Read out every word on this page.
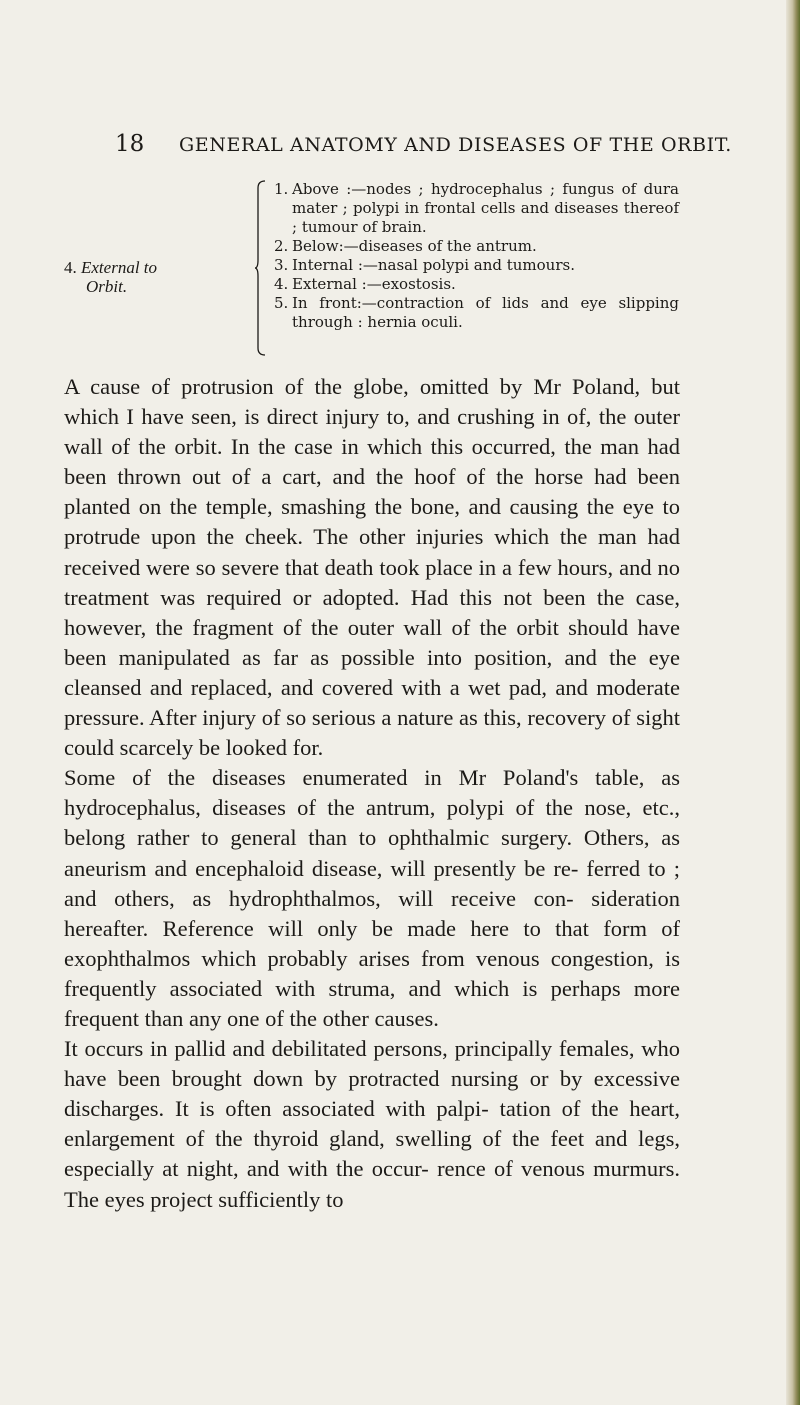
18 GENERAL ANATOMY AND DISEASES OF THE ORBIT.
4. External to
Orbit.
1. Above :—nodes ; hydrocephalus ; fungus of dura mater ; polypi in frontal cells and diseases thereof ; tumour of brain.
2. Below:—diseases of the antrum.
3. Internal :—nasal polypi and tumours.
4. External :—exostosis.
5. In front:—contraction of lids and eye slipping through : hernia oculi.

A cause of protrusion of the globe, omitted by Mr Poland, but which I have seen, is direct injury to, and crushing in of, the outer wall of the orbit. In the case in which this occurred, the man had been thrown out of a cart, and the hoof of the horse had been planted on the temple, smashing the bone, and causing the eye to protrude upon the cheek. The other injuries which the man had received were so severe that death took place in a few hours, and no treatment was required or adopted. Had this not been the case, however, the fragment of the outer wall of the orbit should have been manipulated as far as possible into position, and the eye cleansed and replaced, and covered with a wet pad, and moderate pressure. After injury of so serious a nature as this, recovery of sight could scarcely be looked for.

Some of the diseases enumerated in Mr Poland's table, as hydrocephalus, diseases of the antrum, polypi of the nose, etc., belong rather to general than to ophthalmic surgery. Others, as aneurism and encephaloid disease, will presently be re- ferred to ; and others, as hydrophthalmos, will receive con- sideration hereafter. Reference will only be made here to that form of exophthalmos which probably arises from venous congestion, is frequently associated with struma, and which is perhaps more frequent than any one of the other causes.

It occurs in pallid and debilitated persons, principally females, who have been brought down by protracted nursing or by excessive discharges. It is often associated with palpi- tation of the heart, enlargement of the thyroid gland, swelling of the feet and legs, especially at night, and with the occur- rence of venous murmurs. The eyes project sufficiently to
